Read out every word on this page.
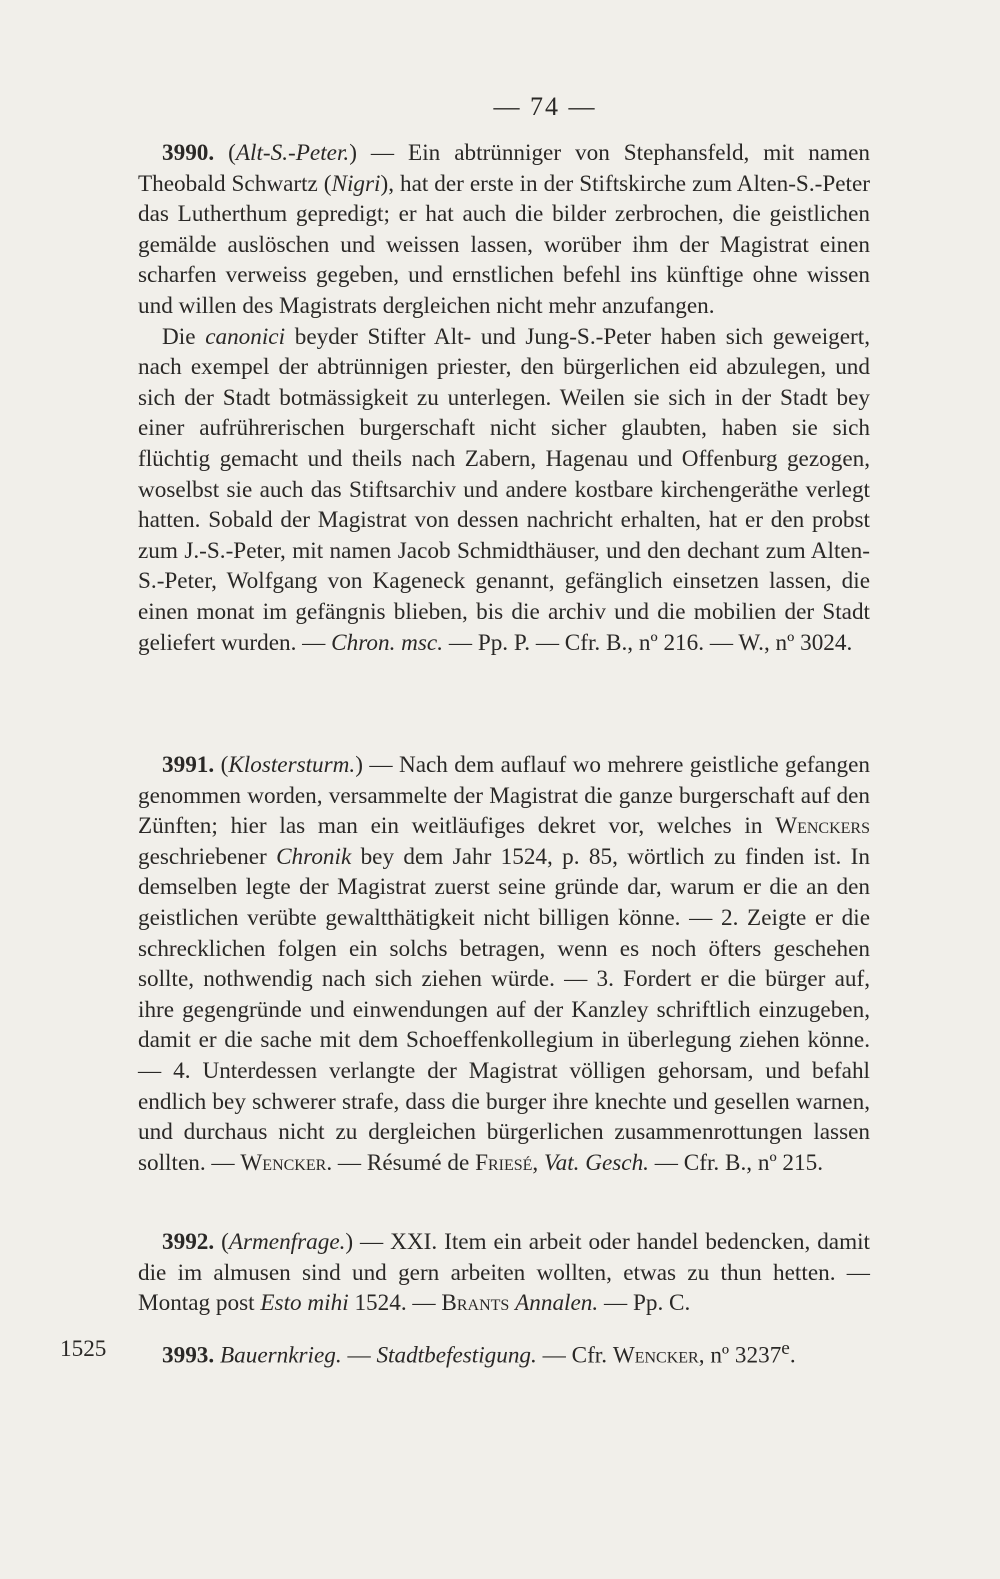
— 74 —
1525

3990. (Alt-S.-Peter.) — Ein abtrünniger von Stephansfeld, mit namen Theobald Schwartz (Nigri), hat der erste in der Stiftskirche zum Alten-S.-Peter das Lutherthum gepredigt; er hat auch die bilder zerbrochen, die geistlichen gemälde auslöschen und weissen lassen, worüber ihm der Magistrat einen scharfen verweiss gegeben, und ernstlichen befehl ins künftige ohne wissen und willen des Magistrats dergleichen nicht mehr anzufangen.

Die canonici beyder Stifter Alt- und Jung-S.-Peter haben sich geweigert, nach exempel der abtrünnigen priester, den bürgerlichen eid abzulegen, und sich der Stadt botmässigkeit zu unterlegen. Weilen sie sich in der Stadt bey einer aufrührerischen burgerschaft nicht sicher glaubten, haben sie sich flüchtig gemacht und theils nach Zabern, Hagenau und Offenburg gezogen, woselbst sie auch das Stiftsarchiv und andere kostbare kirchengeräthe verlegt hatten. Sobald der Magistrat von dessen nachricht erhalten, hat er den probst zum J.-S.-Peter, mit namen Jacob Schmidthäuser, und den dechant zum Alten-S.-Peter, Wolfgang von Kageneck genannt, gefänglich einsetzen lassen, die einen monat im gefängnis blieben, bis die archiv und die mobilien der Stadt geliefert wurden. — Chron. msc. — Pp. P. — Cfr. B., nº 216. — W., nº 3024.

3991. (Klostersturm.) — Nach dem auflauf wo mehrere geistliche gefangen genommen worden, versammelte der Magistrat die ganze burgerschaft auf den Zünften; hier las man ein weitläufiges dekret vor, welches in Wenckers geschriebener Chronik bey dem Jahr 1524, p. 85, wörtlich zu finden ist. In demselben legte der Magistrat zuerst seine gründe dar, warum er die an den geistlichen verübte gewaltthätigkeit nicht billigen könne. — 2. Zeigte er die schrecklichen folgen ein solchs betragen, wenn es noch öfters geschehen sollte, nothwendig nach sich ziehen würde. — 3. Fordert er die bürger auf, ihre gegengründe und einwendungen auf der Kanzley schriftlich einzugeben, damit er die sache mit dem Schoeffenkollegium in überlegung ziehen könne. — 4. Unterdessen verlangte der Magistrat völligen gehorsam, und befahl endlich bey schwerer strafe, dass die burger ihre knechte und gesellen warnen, und durchaus nicht zu dergleichen bürgerlichen zusammenrottungen lassen sollten. — Wencker. — Résumé de Friesé, Vat. Gesch. — Cfr. B., nº 215.

3992. (Armenfrage.) — XXI. Item ein arbeit oder handel bedencken, damit die im almusen sind und gern arbeiten wollten, etwas zu thun hetten. — Montag post Esto mihi 1524. — Brants Annalen. — Pp. C.

3993. Bauernkrieg. — Stadtbefestigung. — Cfr. Wencker, nº 3237e.
